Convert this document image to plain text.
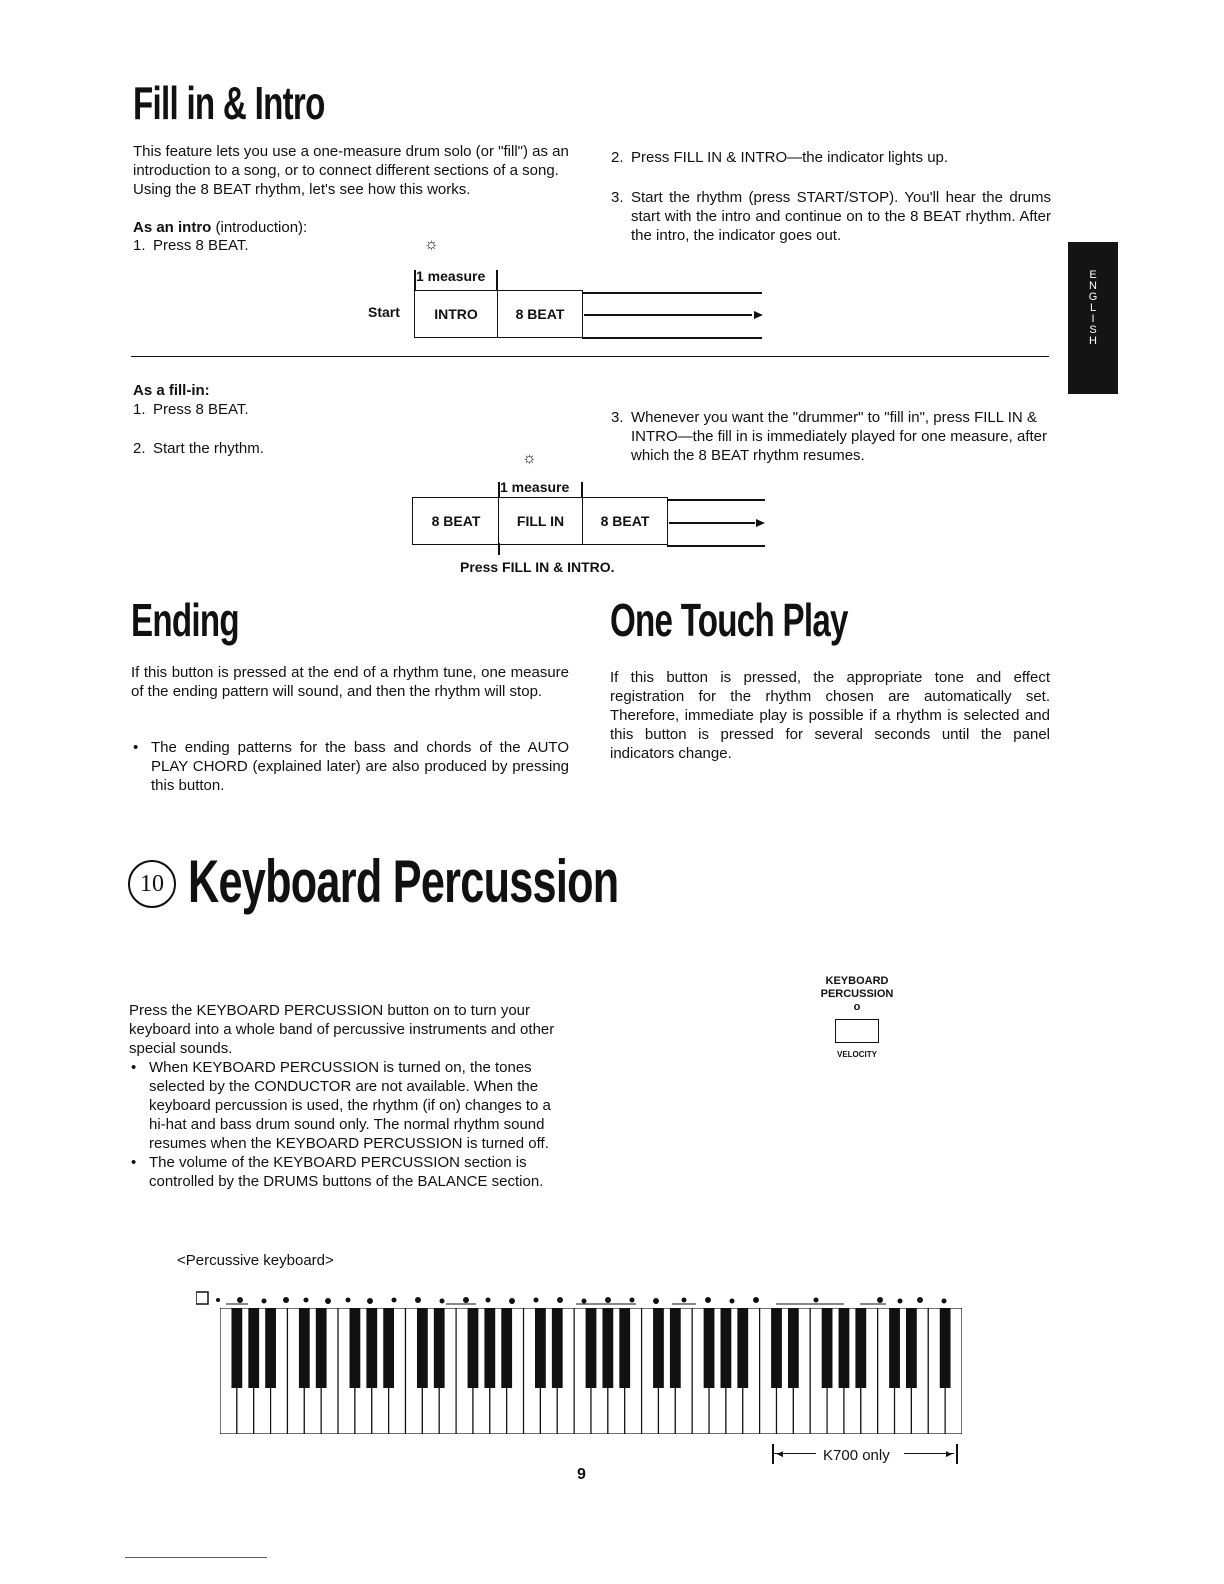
E
N
G
L
I
S
H
Fill in & Intro
This feature lets you use a one-measure drum solo (or "fill") as an introduction to a song, or to connect different sections of a song. Using the 8 BEAT rhythm, let's see how this works.
As an intro (introduction):
1. Press 8 BEAT.
2. Press FILL IN & INTRO—the indicator lights up.
3. Start the rhythm (press START/STOP). You'll hear the drums start with the intro and continue on to the 8 BEAT rhythm. After the intro, the indicator goes out.
☼
1 measure
Start	INTRO	8 BEAT
As a fill-in:
1. Press 8 BEAT.
2. Start the rhythm.
3. Whenever you want the "drummer" to "fill in", press FILL IN & INTRO—the fill in is immediately played for one measure, after which the 8 BEAT rhythm resumes.
☼
1 measure
8 BEAT	FILL IN	8 BEAT
Press FILL IN & INTRO.
Ending
If this button is pressed at the end of a rhythm tune, one measure of the ending pattern will sound, and then the rhythm will stop.
• The ending patterns for the bass and chords of the AUTO PLAY CHORD (explained later) are also produced by pressing this button.
One Touch Play
If this button is pressed, the appropriate tone and effect registration for the rhythm chosen are automatically set. Therefore, immediate play is possible if a rhythm is selected and this button is pressed for several seconds until the panel indicators change.
10 Keyboard Percussion
Press the KEYBOARD PERCUSSION button on to turn your keyboard into a whole band of percussive instruments and other special sounds.
• When KEYBOARD PERCUSSION is turned on, the tones selected by the CONDUCTOR are not available. When the keyboard percussion is used, the rhythm (if on) changes to a hi-hat and bass drum sound only. The normal rhythm sound resumes when the KEYBOARD PERCUSSION is turned off.
• The volume of the KEYBOARD PERCUSSION section is controlled by the DRUMS buttons of the BALANCE section.
KEYBOARD
PERCUSSION
o
VELOCITY
<Percussive keyboard>
◄	►
K700 only
9
